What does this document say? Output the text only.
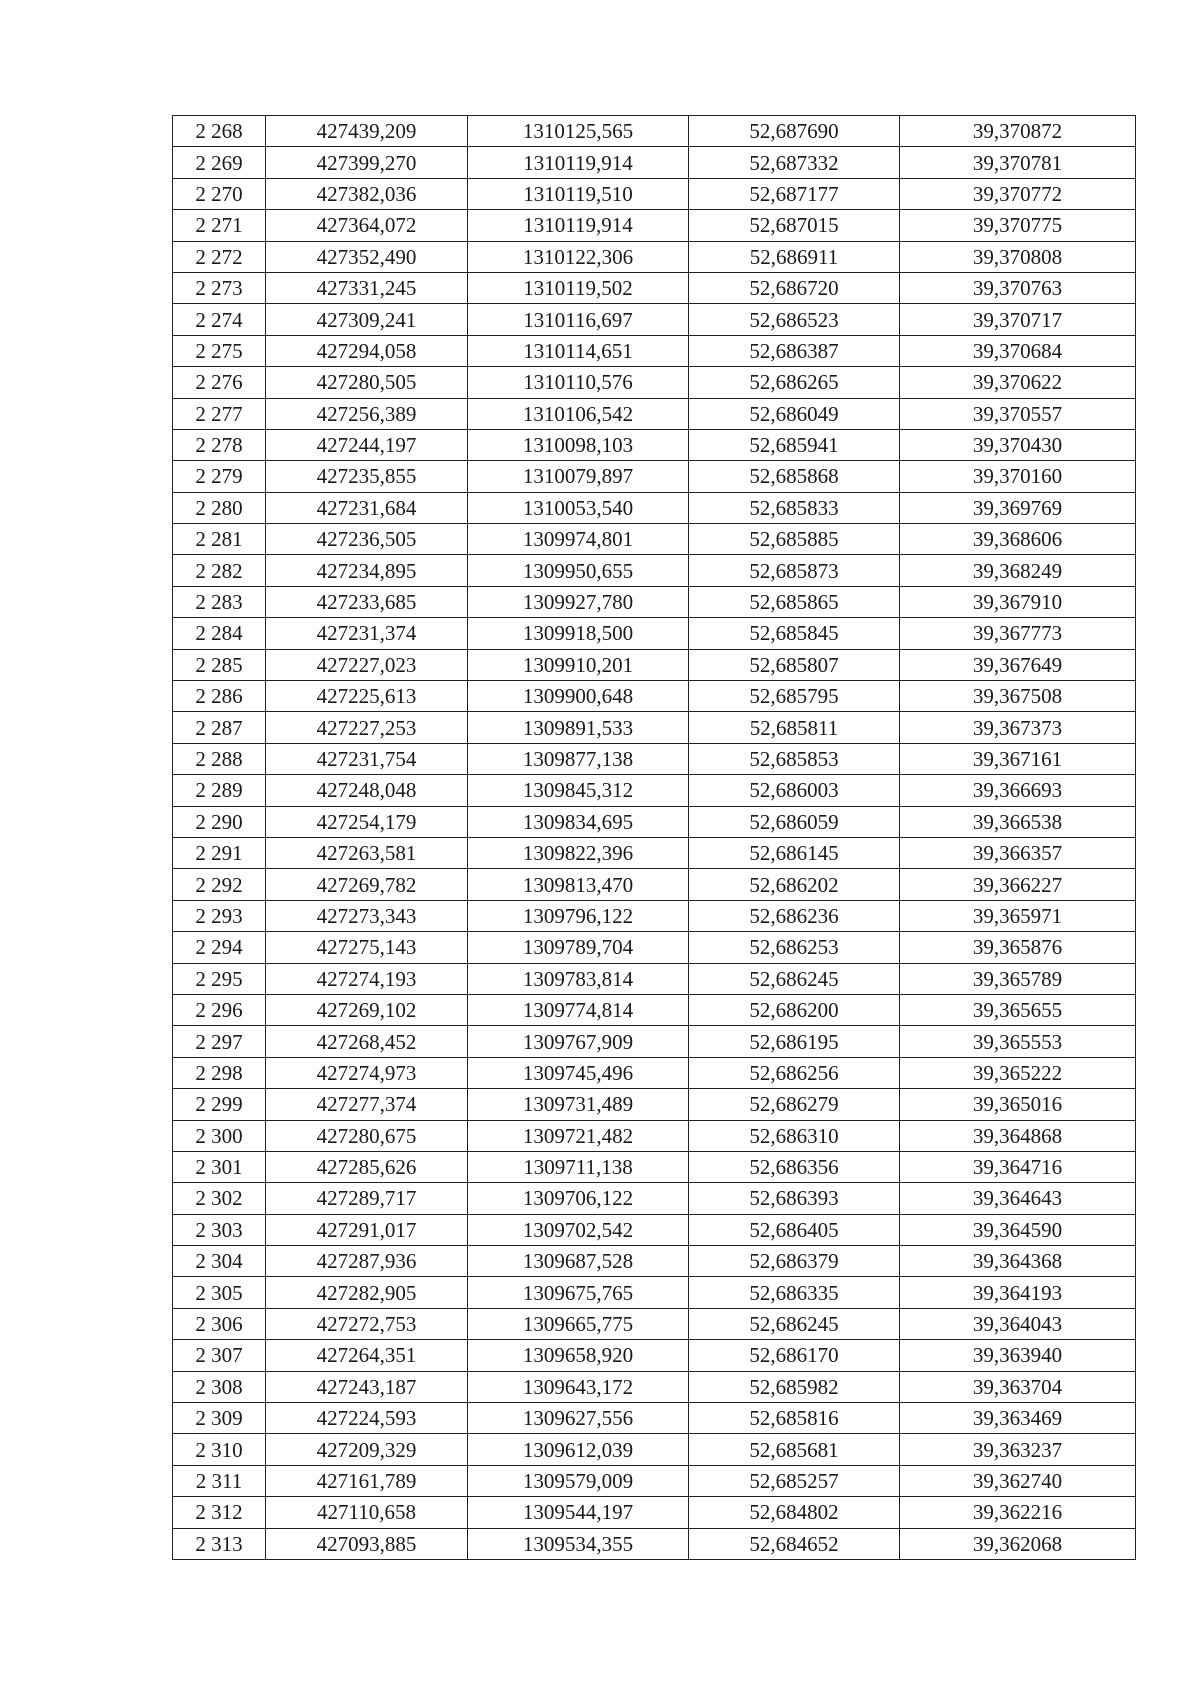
2 268	427439,209	1310125,565	52,687690	39,370872
2 269	427399,270	1310119,914	52,687332	39,370781
2 270	427382,036	1310119,510	52,687177	39,370772
2 271	427364,072	1310119,914	52,687015	39,370775
2 272	427352,490	1310122,306	52,686911	39,370808
2 273	427331,245	1310119,502	52,686720	39,370763
2 274	427309,241	1310116,697	52,686523	39,370717
2 275	427294,058	1310114,651	52,686387	39,370684
2 276	427280,505	1310110,576	52,686265	39,370622
2 277	427256,389	1310106,542	52,686049	39,370557
2 278	427244,197	1310098,103	52,685941	39,370430
2 279	427235,855	1310079,897	52,685868	39,370160
2 280	427231,684	1310053,540	52,685833	39,369769
2 281	427236,505	1309974,801	52,685885	39,368606
2 282	427234,895	1309950,655	52,685873	39,368249
2 283	427233,685	1309927,780	52,685865	39,367910
2 284	427231,374	1309918,500	52,685845	39,367773
2 285	427227,023	1309910,201	52,685807	39,367649
2 286	427225,613	1309900,648	52,685795	39,367508
2 287	427227,253	1309891,533	52,685811	39,367373
2 288	427231,754	1309877,138	52,685853	39,367161
2 289	427248,048	1309845,312	52,686003	39,366693
2 290	427254,179	1309834,695	52,686059	39,366538
2 291	427263,581	1309822,396	52,686145	39,366357
2 292	427269,782	1309813,470	52,686202	39,366227
2 293	427273,343	1309796,122	52,686236	39,365971
2 294	427275,143	1309789,704	52,686253	39,365876
2 295	427274,193	1309783,814	52,686245	39,365789
2 296	427269,102	1309774,814	52,686200	39,365655
2 297	427268,452	1309767,909	52,686195	39,365553
2 298	427274,973	1309745,496	52,686256	39,365222
2 299	427277,374	1309731,489	52,686279	39,365016
2 300	427280,675	1309721,482	52,686310	39,364868
2 301	427285,626	1309711,138	52,686356	39,364716
2 302	427289,717	1309706,122	52,686393	39,364643
2 303	427291,017	1309702,542	52,686405	39,364590
2 304	427287,936	1309687,528	52,686379	39,364368
2 305	427282,905	1309675,765	52,686335	39,364193
2 306	427272,753	1309665,775	52,686245	39,364043
2 307	427264,351	1309658,920	52,686170	39,363940
2 308	427243,187	1309643,172	52,685982	39,363704
2 309	427224,593	1309627,556	52,685816	39,363469
2 310	427209,329	1309612,039	52,685681	39,363237
2 311	427161,789	1309579,009	52,685257	39,362740
2 312	427110,658	1309544,197	52,684802	39,362216
2 313	427093,885	1309534,355	52,684652	39,362068
